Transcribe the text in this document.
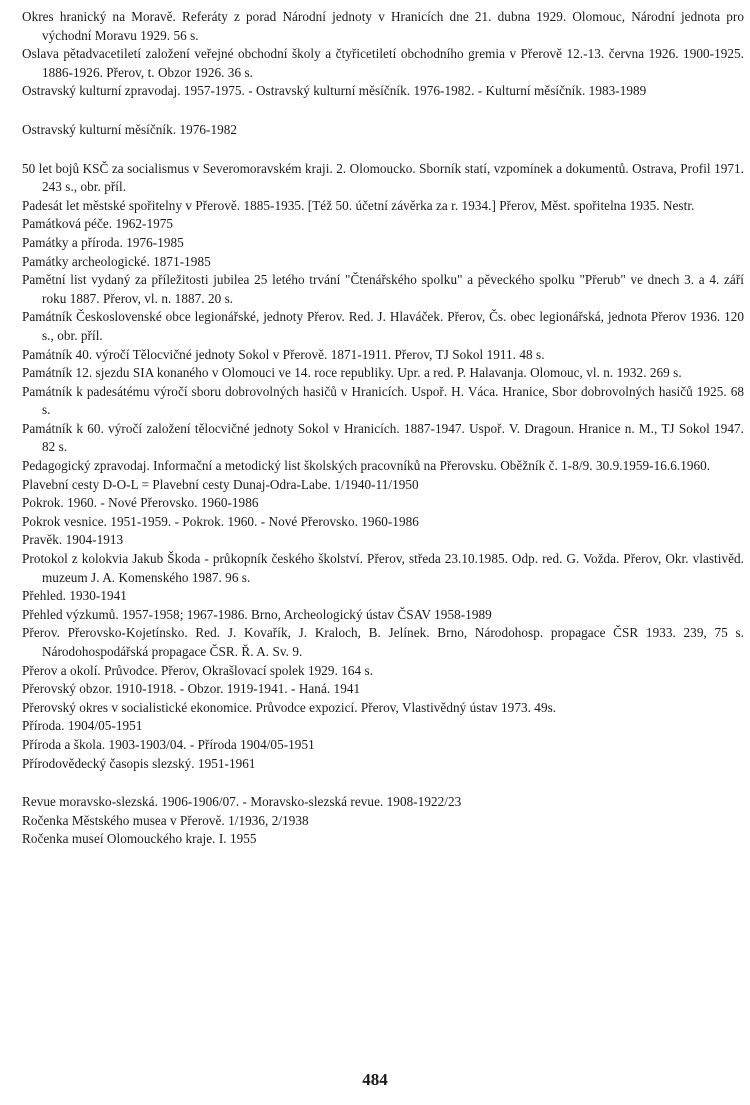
Okres hranický na Moravě. Referáty z porad Národní jednoty v Hranicích dne 21. dubna 1929. Olomouc, Národní jednota pro východní Moravu 1929. 56 s.

Oslava pětadvacetiletí založení veřejné obchodní školy a čtyřicetiletí obchodního gremia v Přerově 12.-13. června 1926. 1900-1925. 1886-1926. Přerov, t. Obzor 1926. 36 s.

Ostravský kulturní zpravodaj. 1957-1975. - Ostravský kulturní měsíčník. 1976-1982. - Kulturní měsíčník. 1983-1989

Ostravský kulturní měsíčník. 1976-1982

50 let bojů KSČ za socialismus v Severomoravském kraji. 2. Olomoucko. Sborník statí, vzpomínek a dokumentů. Ostrava, Profil 1971. 243 s., obr. příl.

Padesát let městské spořitelny v Přerově. 1885-1935. [Též 50. účetní závěrka za r. 1934.] Přerov, Měst. spořitelna 1935. Nestr.

Památková péče. 1962-1975

Památky a příroda. 1976-1985

Památky archeologické. 1871-1985

Pamětní list vydaný za příležitosti jubilea 25 letého trvání "Čtenářského spolku" a pěveckého spolku "Přerub" ve dnech 3. a 4. září roku 1887. Přerov, vl. n. 1887. 20 s.

Památník Československé obce legionářské, jednoty Přerov. Red. J. Hlaváček. Přerov, Čs. obec legionářská, jednota Přerov 1936. 120 s., obr. příl.

Památník 40. výročí Tělocvičné jednoty Sokol v Přerově. 1871-1911. Přerov, TJ Sokol 1911. 48 s.

Památník 12. sjezdu SIA konaného v Olomouci ve 14. roce republiky. Upr. a red. P. Halavanja. Olomouc, vl. n. 1932. 269 s.

Památník k padesátému výročí sboru dobrovolných hasičů v Hranicích. Uspoř. H. Váca. Hranice, Sbor dobrovolných hasičů 1925. 68 s.

Památník k 60. výročí založení tělocvičné jednoty Sokol v Hranicích. 1887-1947. Uspoř. V. Dragoun. Hranice n. M., TJ Sokol 1947. 82 s.

Pedagogický zpravodaj. Informační a metodický list školských pracovníků na Přerovsku. Oběžník č. 1-8/9. 30.9.1959-16.6.1960.

Plavební cesty D-O-L = Plavební cesty Dunaj-Odra-Labe. 1/1940-11/1950

Pokrok. 1960. - Nové Přerovsko. 1960-1986

Pokrok vesnice. 1951-1959. - Pokrok. 1960. - Nové Přerovsko. 1960-1986

Pravěk. 1904-1913

Protokol z kolokvia Jakub Škoda - průkopník českého školství. Přerov, středa 23.10.1985. Odp. red. G. Vožda. Přerov, Okr. vlastivěd. muzeum J. A. Komenského 1987. 96 s.

Přehled. 1930-1941

Přehled výzkumů. 1957-1958; 1967-1986. Brno, Archeologický ústav ČSAV 1958-1989

Přerov. Přerovsko-Kojetínsko. Red. J. Kovařík, J. Kraloch, B. Jelínek. Brno, Národohosp. propagace ČSR 1933. 239, 75 s. Národohospodářská propagace ČSR. Ř. A. Sv. 9.

Přerov a okolí. Průvodce. Přerov, Okrašlovací spolek 1929. 164 s.

Přerovský obzor. 1910-1918. - Obzor. 1919-1941. - Haná. 1941

Přerovský okres v socialistické ekonomice. Průvodce expozicí. Přerov, Vlastivědný ústav 1973. 49s.

Příroda. 1904/05-1951

Příroda a škola. 1903-1903/04. - Příroda 1904/05-1951

Přírodovědecký časopis slezský. 1951-1961

Revue moravsko-slezská. 1906-1906/07. - Moravsko-slezská revue. 1908-1922/23

Ročenka Městského musea v Přerově. 1/1936, 2/1938

Ročenka museí Olomouckého kraje. I. 1955

484
